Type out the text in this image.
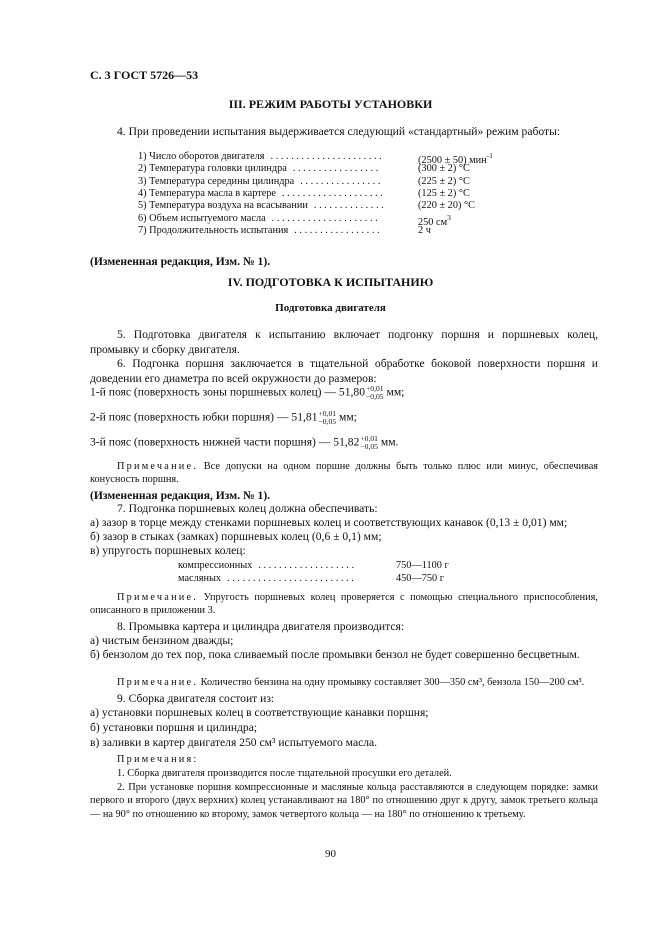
С. 3 ГОСТ 5726—53
III. РЕЖИМ РАБОТЫ УСТАНОВКИ
4. При проведении испытания выдерживается следующий «стандартный» режим работы:
1) Число оборотов двигателя ......................	(2500 ± 50) мин$^{-1}$
2) Температура головки цилиндра .................	(300 ± 2) °С
3) Температура середины цилиндра ................	(225 ± 2) °С
4) Температура масла в картере ....................	(125 ± 2) °С
5) Температура воздуха на всасывании ..............	(220 ± 20) °С
6) Объем испытуемого масла .....................	250 $см^3$
7) Продолжительность испытания .................	2 ч
(Измененная редакция, Изм. № 1).
IV. ПОДГОТОВКА К ИСПЫТАНИЮ
Подготовка двигателя
5. Подготовка двигателя к испытанию включает подгонку поршня и поршневых колец, промывку и сборку двигателя.
6. Подгонка поршня заключается в тщательной обработке боковой поверхности поршня и доведении его диаметра по всей окружности до размеров:
1-й пояс (поверхность зоны поршневых колец) — 51,80 +0,01
−0,05 мм;
2-й пояс (поверхность юбки поршня) — 51,81 +0,01
−0,05 мм;
3-й пояс (поверхность нижней части поршня) — 51,82 +0,01
−0,05 мм.
Примечание. Все допуски на одном поршне должны быть только плюс или минус, обеспечивая конусность поршня.
(Измененная редакция, Изм. № 1).
7. Подгонка поршневых колец должна обеспечивать:
а) зазор в торце между стенками поршневых колец и соответствующих канавок (0,13 ± 0,01) мм;
б) зазор в стыках (замках) поршневых колец (0,6 ± 0,1) мм;
в) упругость поршневых колец:
компрессионных ...................	750—1100 г
масляных .........................	450—750 г
Примечание. Упругость поршневых колец проверяется с помощью специального приспособления, описанного в приложении 3.
8. Промывка картера и цилиндра двигателя производится:
а) чистым бензином дважды;
б) бензолом до тех пор, пока сливаемый после промывки бензол не будет совершенно бесцветным.
Примечание. Количество бензина на одну промывку составляет 300—350 см³, бензола 150—200 см³.
9. Сборка двигателя состоит из:
а) установки поршневых колец в соответствующие канавки поршня;
б) установки поршня и цилиндра;
в) заливки в картер двигателя 250 см³ испытуемого масла.
Примечания:
1. Сборка двигателя производится после тщательной просушки его деталей.
2. При установке поршня компрессионные и масляные кольца расставляются в следующем порядке: замки первого и второго (двух верхних) колец устанавливают на 180° по отношению друг к другу, замок третьего кольца — на 90° по отношению ко второму, замок четвертого кольца — на 180° по отношению к третьему.
90
